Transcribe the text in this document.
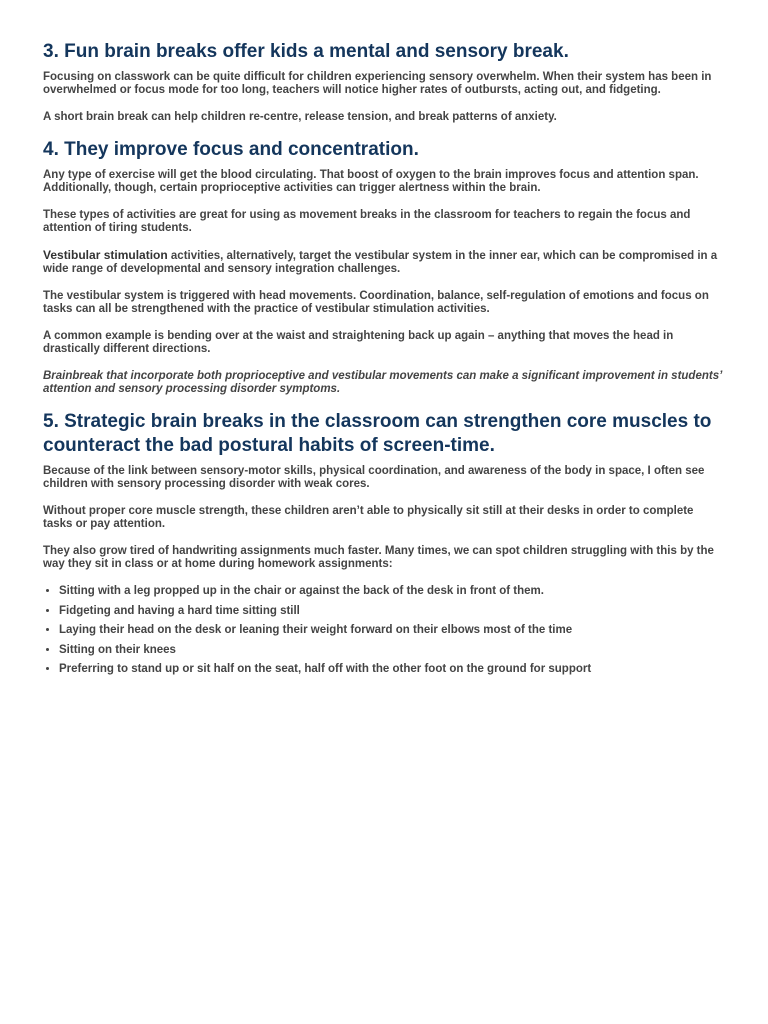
3. Fun brain breaks offer kids a mental and sensory break.

Focusing on classwork can be quite difficult for children experiencing sensory overwhelm. When their system has been in overwhelmed or focus mode for too long, teachers will notice higher rates of outbursts, acting out, and fidgeting.

A short brain break can help children re-centre, release tension, and break patterns of anxiety.

4. They improve focus and concentration.

Any type of exercise will get the blood circulating. That boost of oxygen to the brain improves focus and attention span. Additionally, though, certain proprioceptive activities can trigger alertness within the brain.

These types of activities are great for using as movement breaks in the classroom for teachers to regain the focus and attention of tiring students.

Vestibular stimulation activities, alternatively, target the vestibular system in the inner ear, which can be compromised in a wide range of developmental and sensory integration challenges.

The vestibular system is triggered with head movements. Coordination, balance, self-regulation of emotions and focus on tasks can all be strengthened with the practice of vestibular stimulation activities.

A common example is bending over at the waist and straightening back up again – anything that moves the head in drastically different directions.

Brainbreak that incorporate both proprioceptive and vestibular movements can make a significant improvement in students’ attention and sensory processing disorder symptoms.

5. Strategic brain breaks in the classroom can strengthen core muscles to counteract the bad postural habits of screen-time.

Because of the link between sensory-motor skills, physical coordination, and awareness of the body in space, I often see children with sensory processing disorder with weak cores.

Without proper core muscle strength, these children aren’t able to physically sit still at their desks in order to complete tasks or pay attention.

They also grow tired of handwriting assignments much faster. Many times, we can spot children struggling with this by the way they sit in class or at home during homework assignments:

• Sitting with a leg propped up in the chair or against the back of the desk in front of them.
• Fidgeting and having a hard time sitting still
• Laying their head on the desk or leaning their weight forward on their elbows most of the time
• Sitting on their knees
• Preferring to stand up or sit half on the seat, half off with the other foot on the ground for support
